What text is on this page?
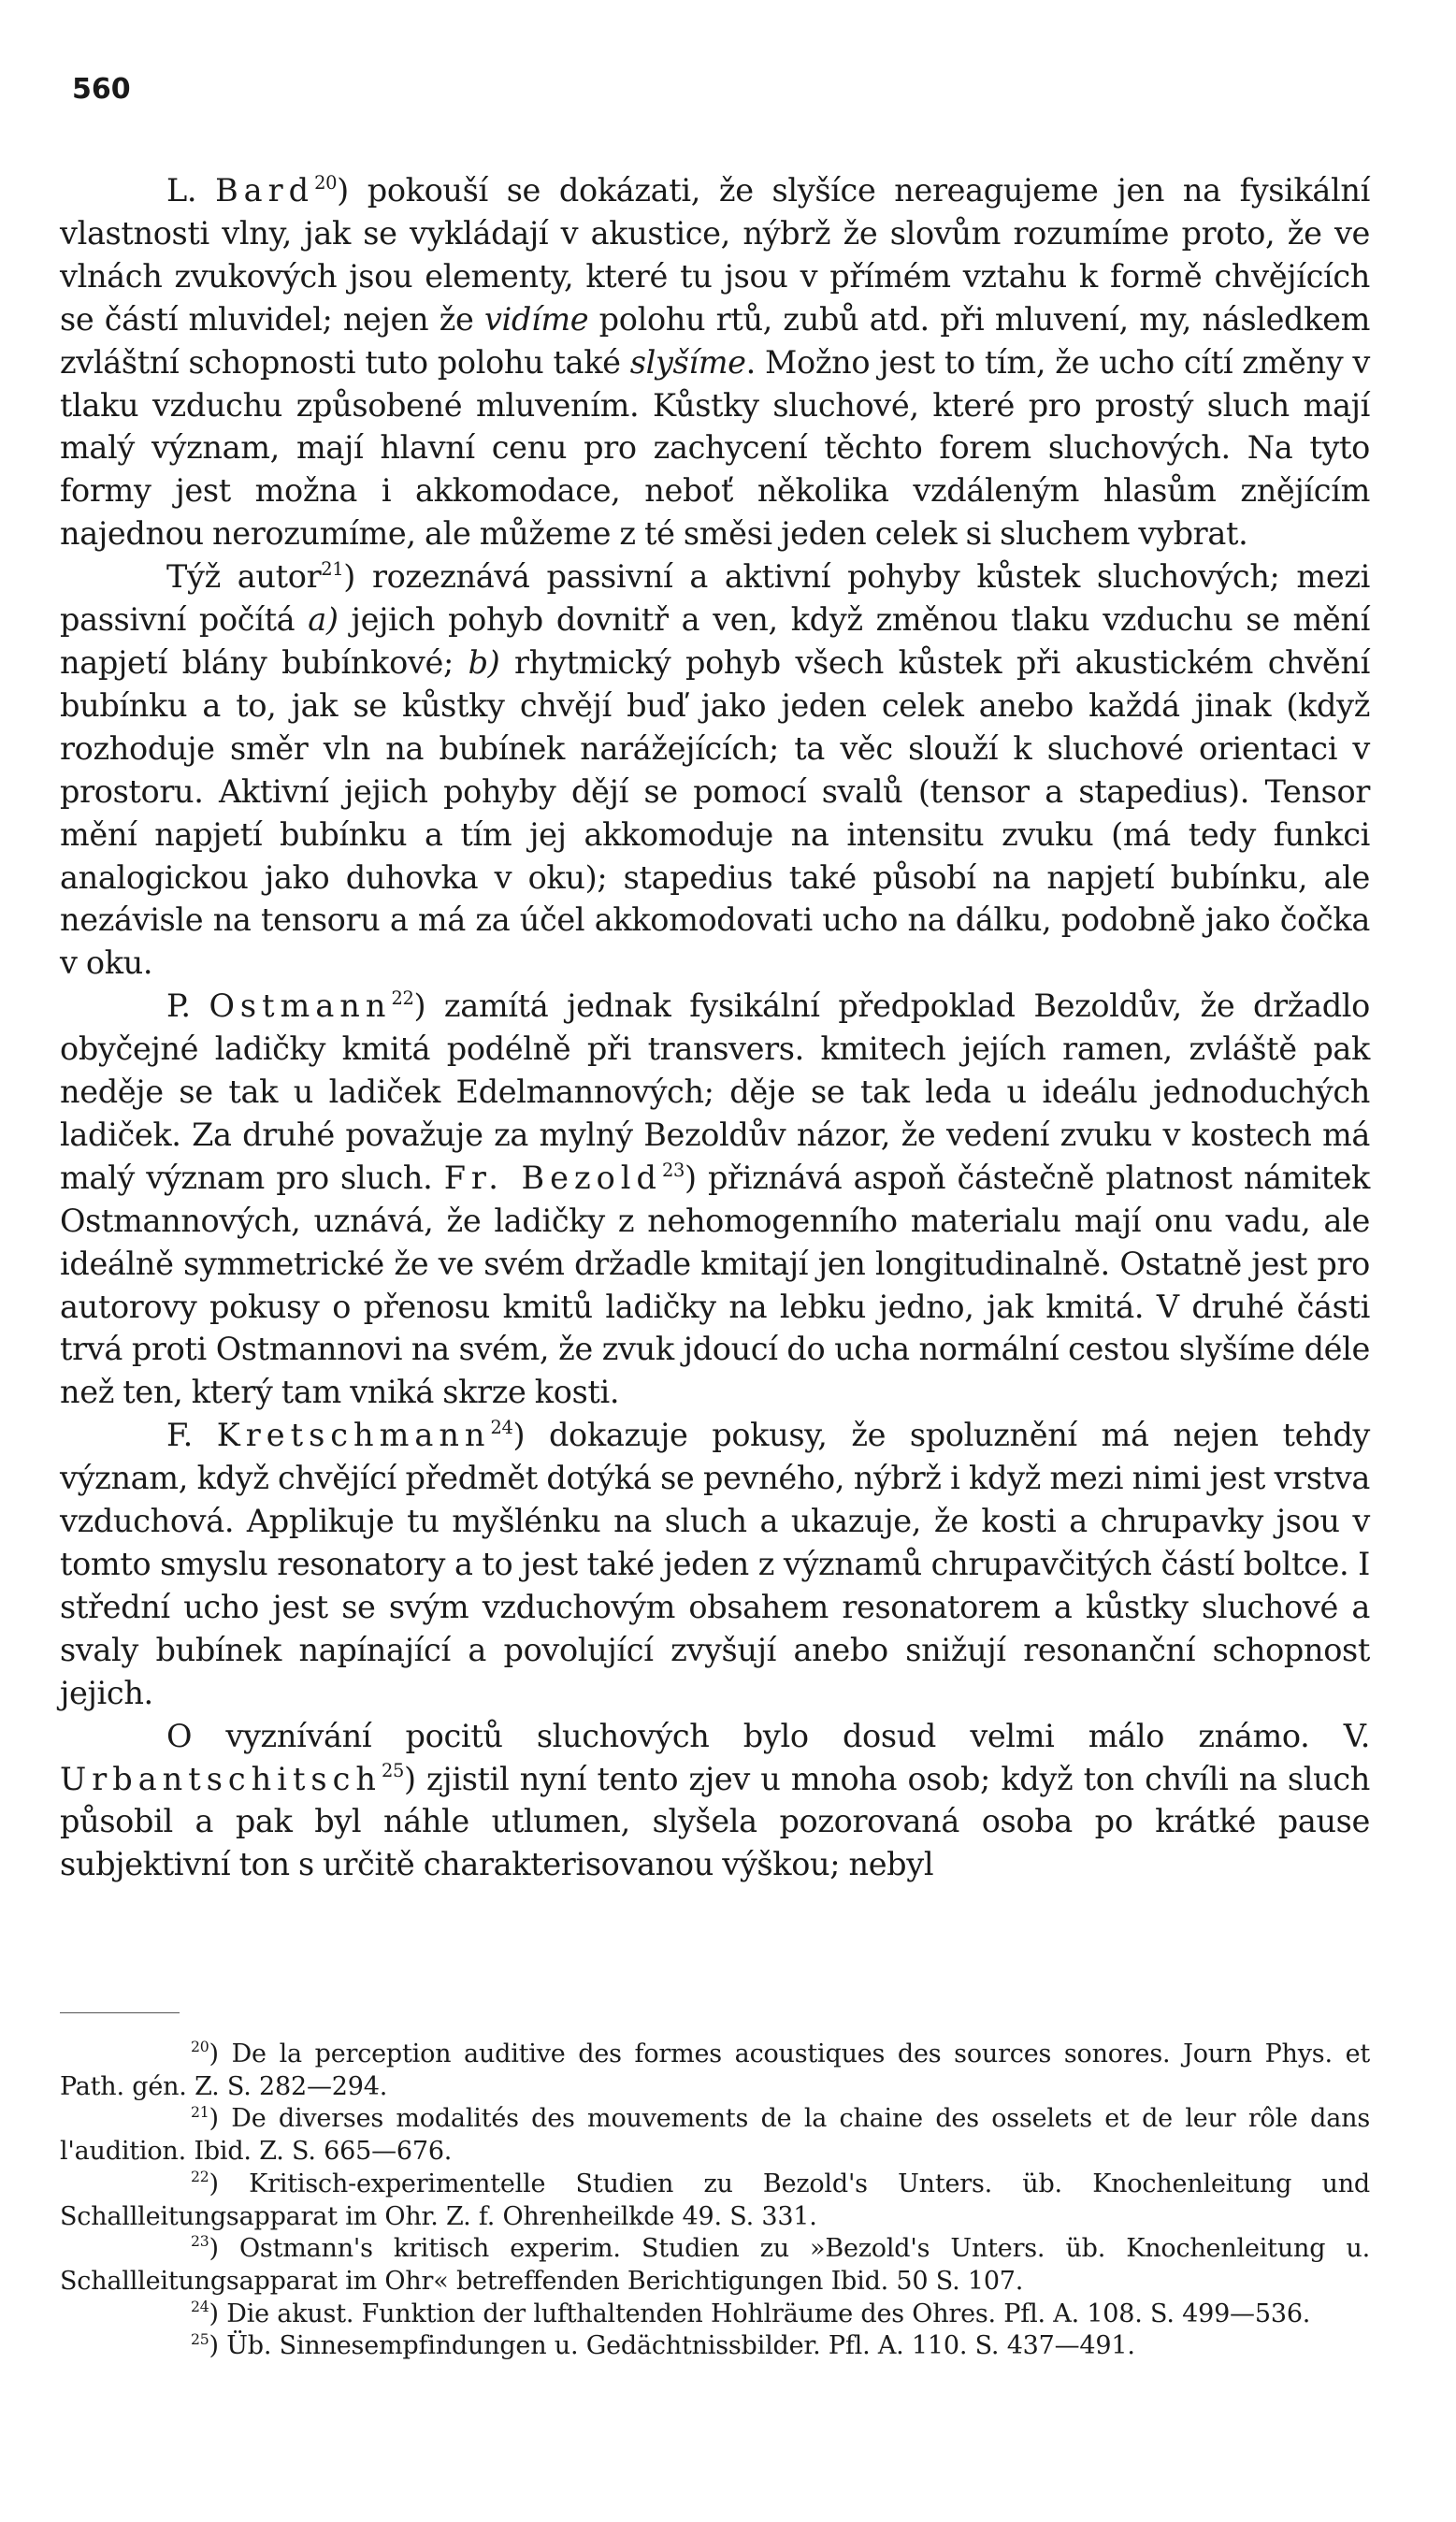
560

L. Bard$^{20}$) pokouší se dokázati, že slyšíce nereagujeme jen na fysikální vlastnosti vlny, jak se vykládají v akustice, nýbrž že slovům rozumíme proto, že ve vlnách zvukových jsou elementy, které tu jsou v přímém vztahu k formě chvějících se částí mluvidel; nejen že vidíme polohu rtů, zubů atd. při mluvení, my, následkem zvláštní schopnosti tuto polohu také slyšíme. Možno jest to tím, že ucho cítí změny v tlaku vzduchu způsobené mluvením. Kůstky sluchové, které pro prostý sluch mají malý význam, mají hlavní cenu pro zachycení těchto forem sluchových. Na tyto formy jest možna i akkomodace, neboť několika vzdáleným hlasům znějícím najednou nerozumíme, ale můžeme z té směsi jeden celek si sluchem vybrat.

Týž autor$^{21}$) rozeznává passivní a aktivní pohyby kůstek sluchových; mezi passivní počítá a) jejich pohyb dovnitř a ven, když změnou tlaku vzduchu se mění napjetí blány bubínkové; b) rhytmický pohyb všech kůstek při akustickém chvění bubínku a to, jak se kůstky chvějí buď jako jeden celek anebo každá jinak (když rozhoduje směr vln na bubínek narážejících; ta věc slouží k sluchové orientaci v prostoru. Aktivní jejich pohyby dějí se pomocí svalů (tensor a stapedius). Tensor mění napjetí bubínku a tím jej akkomoduje na intensitu zvuku (má tedy funkci analogickou jako duhovka v oku); stapedius také působí na napjetí bubínku, ale nezávisle na tensoru a má za účel akkomodovati ucho na dálku, podobně jako čočka v oku.

P. Ostmann$^{22}$) zamítá jednak fysikální předpoklad Bezoldův, že držadlo obyčejné ladičky kmitá podélně při transvers. kmitech jejích ramen, zvláště pak neděje se tak u ladiček Edelmannových; děje se tak leda u ideálu jednoduchých ladiček. Za druhé považuje za mylný Bezoldův názor, že vedení zvuku v kostech má malý význam pro sluch. Fr. Bezold$^{23}$) přiznává aspoň částečně platnost námitek Ostmannových, uznává, že ladičky z nehomogenního materialu mají onu vadu, ale ideálně symmetrické že ve svém držadle kmitají jen longitudinalně. Ostatně jest pro autorovy pokusy o přenosu kmitů ladičky na lebku jedno, jak kmitá. V druhé části trvá proti Ostmannovi na svém, že zvuk jdoucí do ucha normální cestou slyšíme déle než ten, který tam vniká skrze kosti.

F. Kretschmann$^{24}$) dokazuje pokusy, že spoluznění má nejen tehdy význam, když chvějící předmět dotýká se pevného, nýbrž i když mezi nimi jest vrstva vzduchová. Applikuje tu myšlénku na sluch a ukazuje, že kosti a chrupavky jsou v tomto smyslu resonatory a to jest také jeden z významů chrupavčitých částí boltce. I střední ucho jest se svým vzduchovým obsahem resonatorem a kůstky sluchové a svaly bubínek napínající a povolující zvyšují anebo snižují resonanční schopnost jejich.

O vyznívání pocitů sluchových bylo dosud velmi málo známo. V. Urbantschitsch$^{25}$) zjistil nyní tento zjev u mnoha osob; když ton chvíli na sluch působil a pak byl náhle utlumen, slyšela pozorovaná osoba po krátké pause subjektivní ton s určitě charakterisovanou výškou; nebyl

$^{20}$) De la perception auditive des formes acoustiques des sources sonores. Journ Phys. et Path. gén. Z. S. 282—294.

$^{21}$) De diverses modalités des mouvements de la chaine des osselets et de leur rôle dans l'audition. Ibid. Z. S. 665—676.

$^{22}$) Kritisch-experimentelle Studien zu Bezold's Unters. üb. Knochenleitung und Schallleitungsapparat im Ohr. Z. f. Ohrenheilkde 49. S. 331.

$^{23}$) Ostmann's kritisch experim. Studien zu »Bezold's Unters. üb. Knochenleitung u. Schallleitungsapparat im Ohr« betreffenden Berichtigungen Ibid. 50 S. 107.

$^{24}$) Die akust. Funktion der lufthaltenden Hohlräume des Ohres. Pfl. A. 108. S. 499—536.

$^{25}$) Üb. Sinnesempfindungen u. Gedächtnissbilder. Pfl. A. 110. S. 437—491.
